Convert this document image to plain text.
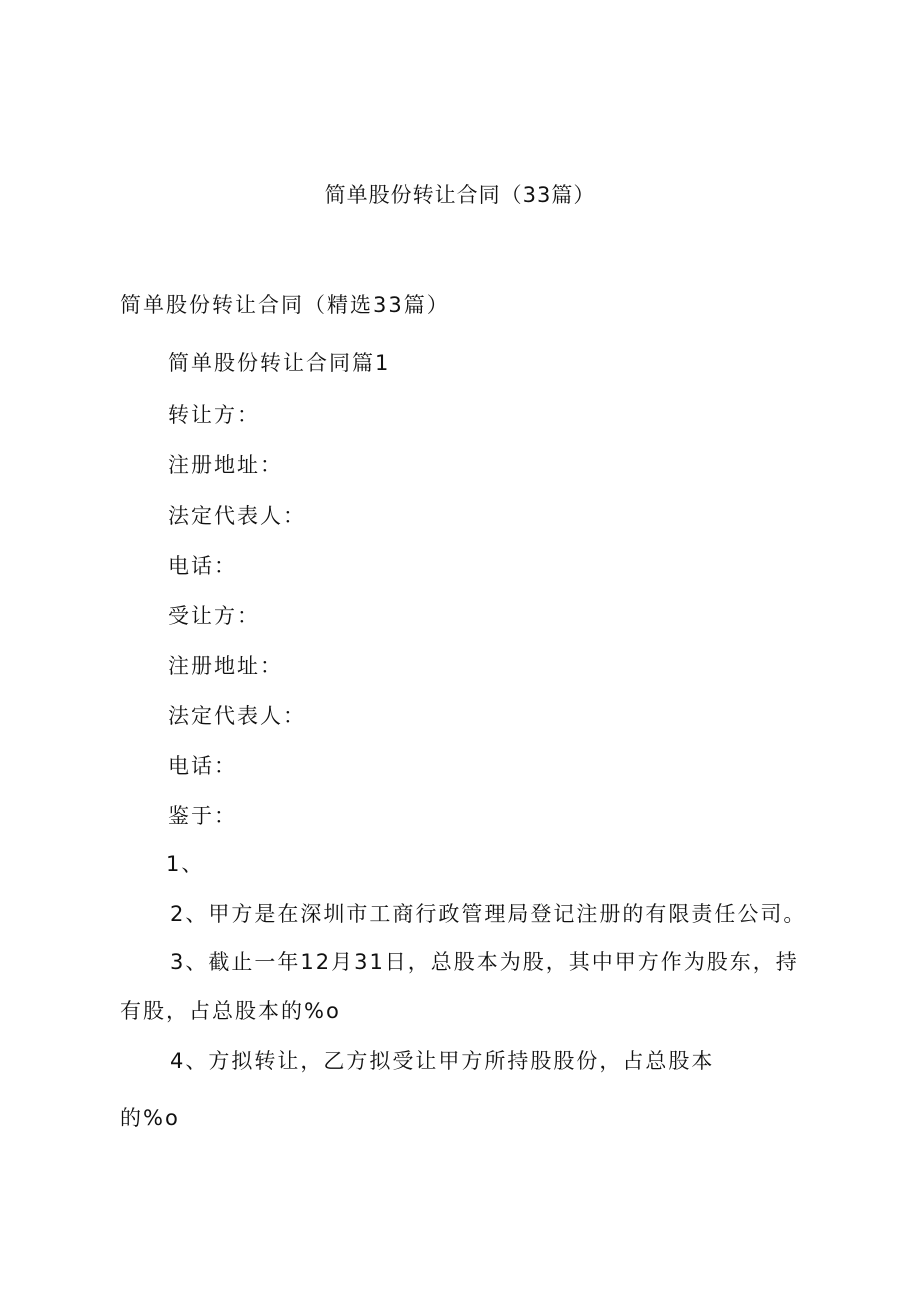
简单股份转让合同（33篇）
简单股份转让合同（精选33篇）
简单股份转让合同篇1
转让方：
注册地址：
法定代表人：
电话：
受让方：
注册地址：
法定代表人：
电话：
鉴于：
1、
2、甲方是在深圳市工商行政管理局登记注册的有限责任公司。
3、截止一年12月31日，总股本为股，其中甲方作为股东，持
有股，占总股本的%o
4、方拟转让，乙方拟受让甲方所持股股份，占总股本
的%o
